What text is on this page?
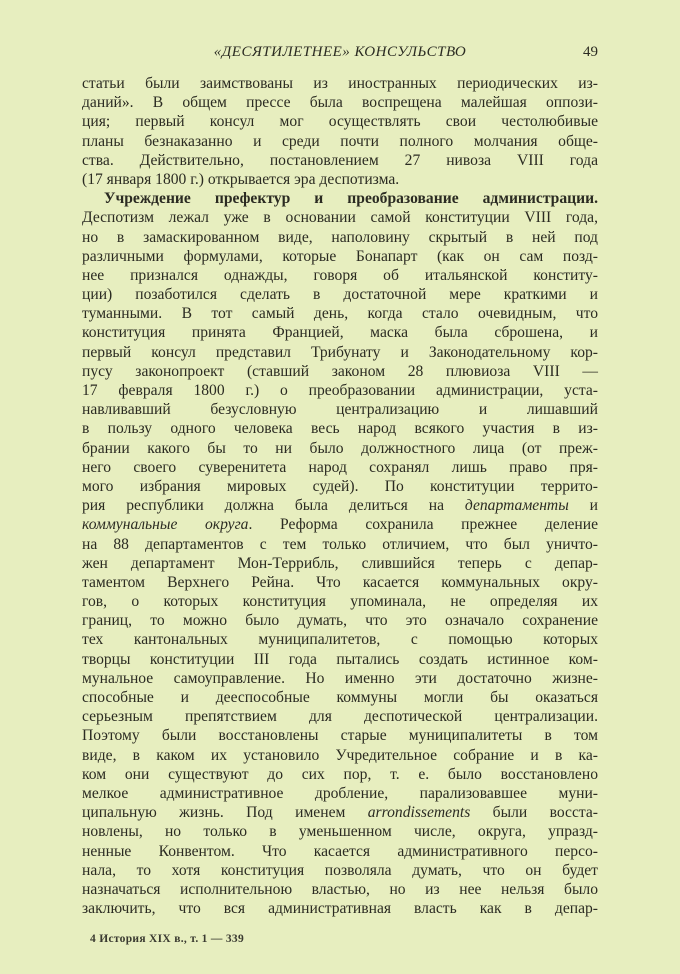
«ДЕСЯТИЛЕТНЕЕ» КОНСУЛЬСТВО	49
статьи были заимствованы из иностранных периодических из-
даний». В общем прессе была воспрещена малейшая оппози-
ция; первый консул мог осуществлять свои честолюбивые
планы безнаказанно и среди почти полного молчания обще-
ства. Действительно, постановлением 27 нивоза VIII года
(17 января 1800 г.) открывается эра деспотизма.
Учреждение префектур и преобразование администрации.
Деспотизм лежал уже в основании самой конституции VIII года,
но в замаскированном виде, наполовину скрытый в ней под
различными формулами, которые Бонапарт (как он сам позд-
нее признался однажды, говоря об итальянской конститу-
ции) позаботился сделать в достаточной мере краткими и
туманными. В тот самый день, когда стало очевидным, что
конституция принята Францией, маска была сброшена, и
первый консул представил Трибунату и Законодательному кор-
пусу законопроект (ставший законом 28 плювиоза VIII —
17 февраля 1800 г.) о преобразовании администрации, уста-
навливавший безусловную централизацию и лишавший
в пользу одного человека весь народ всякого участия в из-
брании какого бы то ни было должностного лица (от преж-
него своего суверенитета народ сохранял лишь право пря-
мого избрания мировых судей). По конституции террито-
рия республики должна была делиться на департаменты и
коммунальные округа. Реформа сохранила прежнее деление
на 88 департаментов с тем только отличием, что был уничто-
жен департамент Мон-Террибль, слившийся теперь с депар-
таментом Верхнего Рейна. Что касается коммунальных окру-
гов, о которых конституция упоминала, не определяя их
границ, то можно было думать, что это означало сохранение
тех кантональных муниципалитетов, с помощью которых
творцы конституции III года пытались создать истинное ком-
мунальное самоуправление. Но именно эти достаточно жизне-
способные и дееспособные коммуны могли бы оказаться
серьезным препятствием для деспотической централизации.
Поэтому были восстановлены старые муниципалитеты в том
виде, в каком их установило Учредительное собрание и в ка-
ком они существуют до сих пор, т. е. было восстановлено
мелкое административное дробление, парализовавшее муни-
ципальную жизнь. Под именем arrondissements были восста-
новлены, но только в уменьшенном числе, округа, упразд-
ненные Конвентом. Что касается административного персо-
нала, то хотя конституция позволяла думать, что он будет
назначаться исполнительною властью, но из нее нельзя было
заключить, что вся административная власть как в депар-
4 История XIX в., т. 1 — 339
